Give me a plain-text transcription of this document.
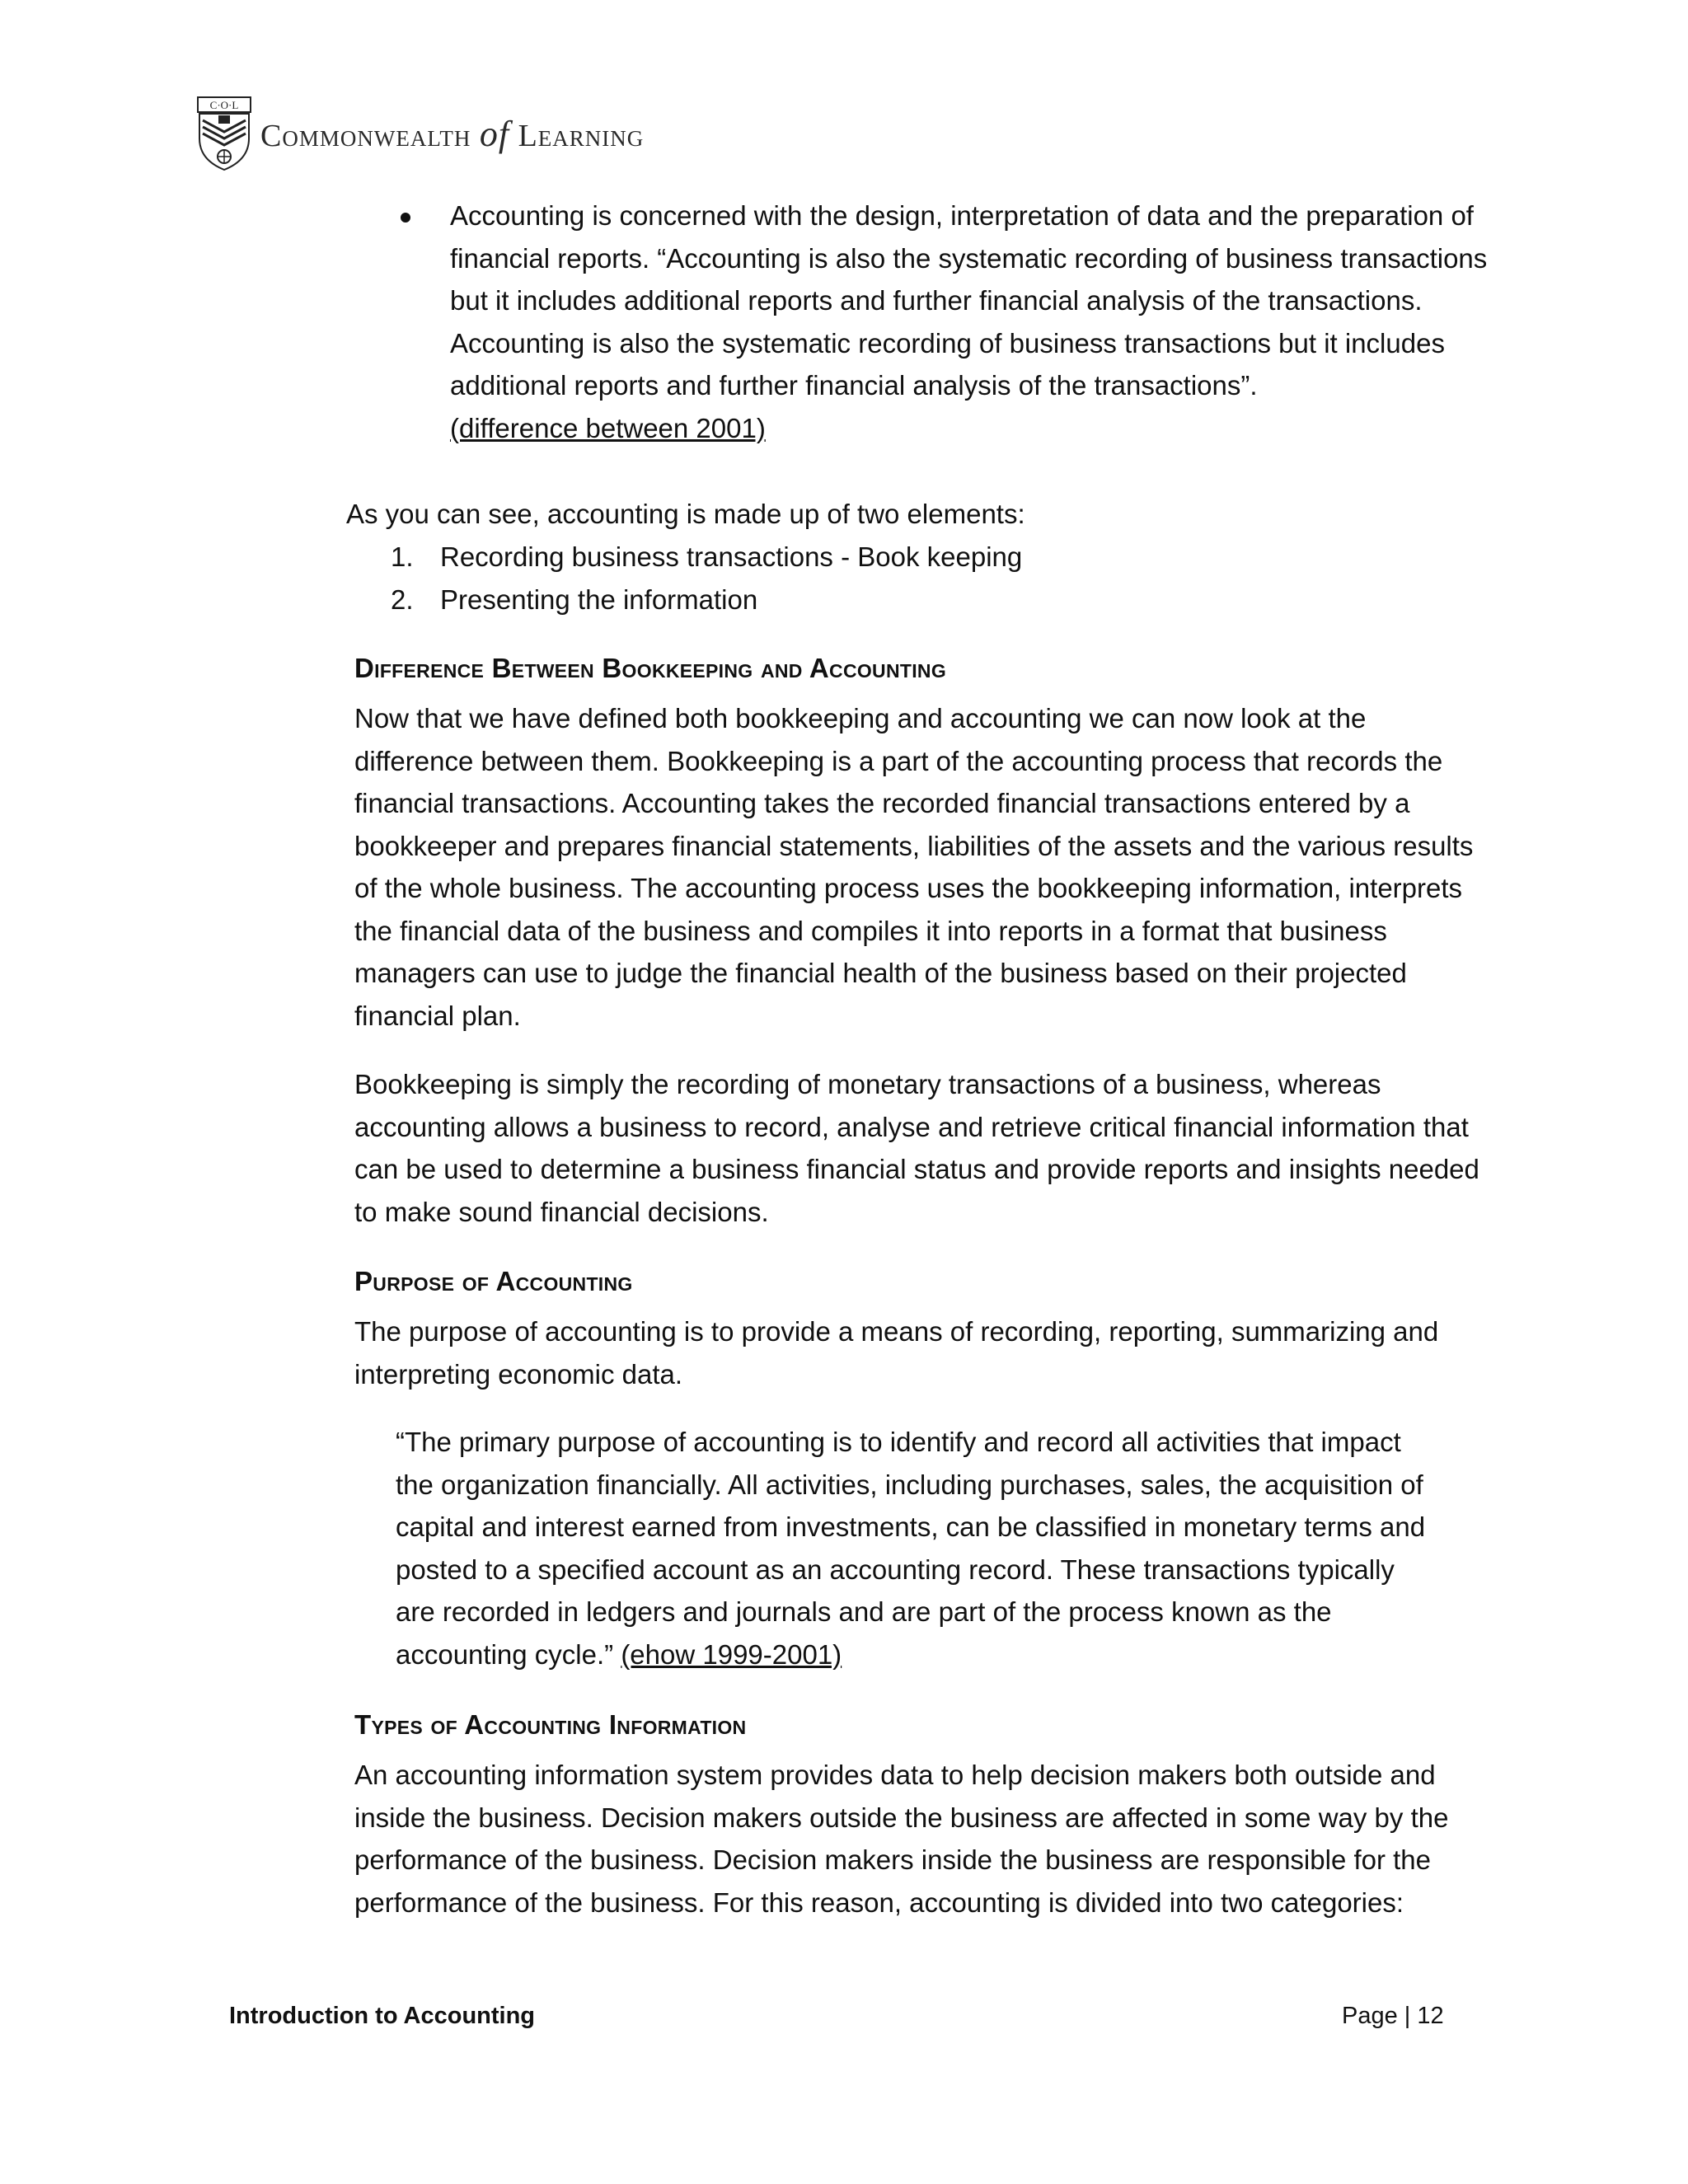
C·O·L
Commonwealth of Learning
Accounting is concerned with the design, interpretation of data and the preparation of financial reports. “Accounting is also the systematic recording of business transactions but it includes additional reports and further financial analysis of the transactions. Accounting is also the systematic recording of business transactions but it includes additional reports and further financial analysis of the transactions”.
(difference between 2001)

As you can see, accounting is made up of two elements:

1. Recording business transactions - Book keeping
2. Presenting the information
Difference Between Bookkeeping and Accounting

Now that we have defined both bookkeeping and accounting we can now look at the difference between them. Bookkeeping is a part of the accounting process that records the financial transactions. Accounting takes the recorded financial transactions entered by a bookkeeper and prepares financial statements, liabilities of the assets and the various results of the whole business. The accounting process uses the bookkeeping information, interprets the financial data of the business and compiles it into reports in a format that business managers can use to judge the financial health of the business based on their projected financial plan.

Bookkeeping is simply the recording of monetary transactions of a business, whereas accounting allows a business to record, analyse and retrieve critical financial information that can be used to determine a business financial status and provide reports and insights needed to make sound financial decisions.

Purpose of Accounting

The purpose of accounting is to provide a means of recording, reporting, summarizing and interpreting economic data.

“The primary purpose of accounting is to identify and record all activities that impact the organization financially. All activities, including purchases, sales, the acquisition of capital and interest earned from investments, can be classified in monetary terms and posted to a specified account as an accounting record. These transactions typically are recorded in ledgers and journals and are part of the process known as the accounting cycle.” (ehow 1999-2001)

Types of Accounting Information

An accounting information system provides data to help decision makers both outside and inside the business. Decision makers outside the business are affected in some way by the performance of the business. Decision makers inside the business are responsible for the performance of the business. For this reason, accounting is divided into two categories:

Introduction to Accounting	Page | 12
